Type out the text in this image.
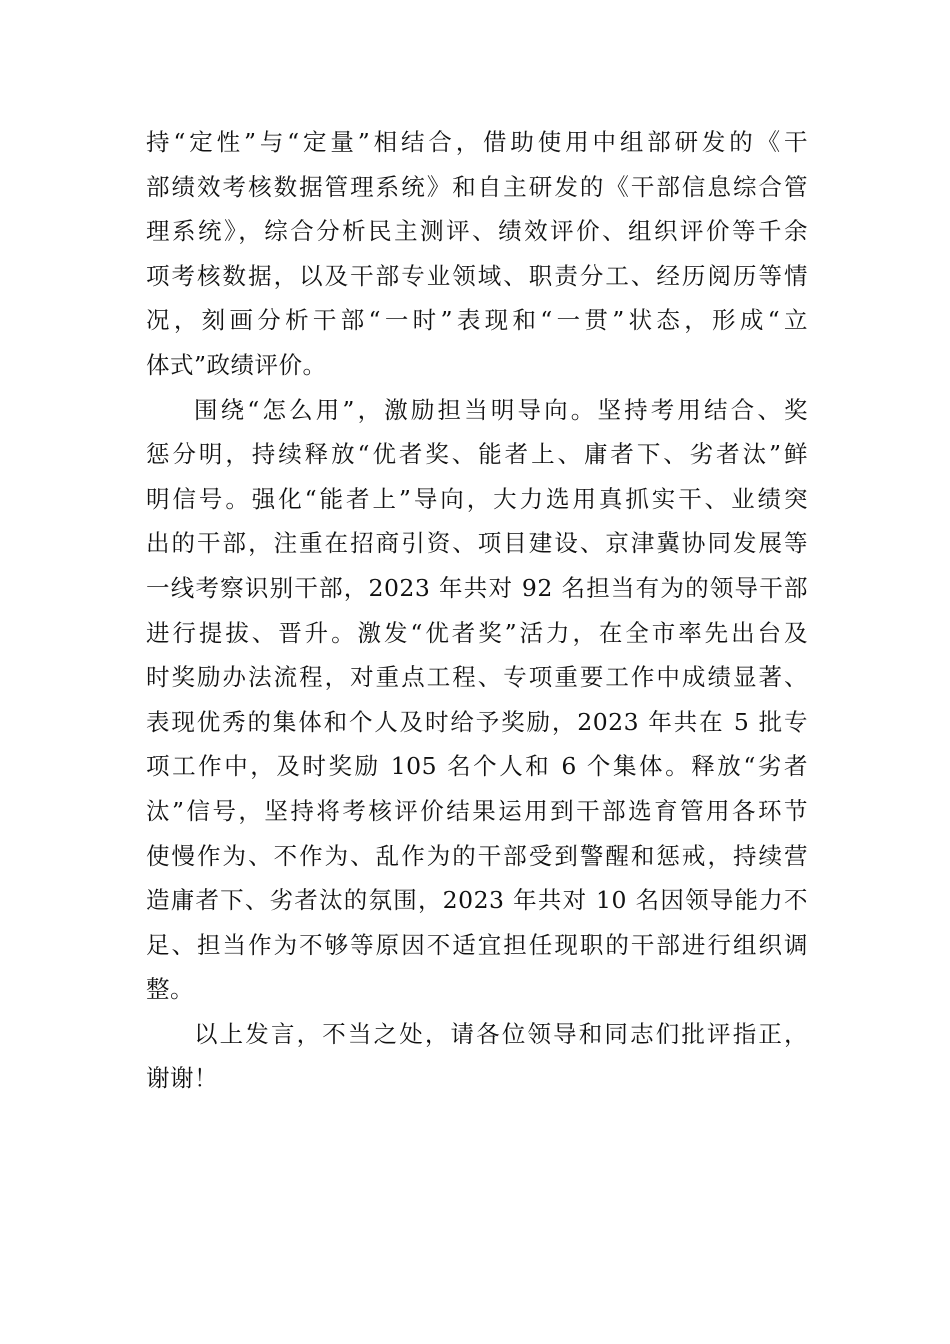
持“定性”与“定量”相结合，借助使用中组部研发的《干
部绩效考核数据管理系统》和自主研发的《干部信息综合管
理系统》，综合分析民主测评、绩效评价、组织评价等千余
项考核数据，以及干部专业领域、职责分工、经历阅历等情
况，刻画分析干部“一时”表现和“一贯”状态，形成“立
体式”政绩评价。
围绕“怎么用”，激励担当明导向。坚持考用结合、奖
惩分明，持续释放“优者奖、能者上、庸者下、劣者汰”鲜
明信号。强化“能者上”导向，大力选用真抓实干、业绩突
出的干部，注重在招商引资、项目建设、京津冀协同发展等
一线考察识别干部，2023 年共对 92 名担当有为的领导干部
进行提拔、晋升。激发“优者奖”活力，在全市率先出台及
时奖励办法流程，对重点工程、专项重要工作中成绩显著、
表现优秀的集体和个人及时给予奖励，2023 年共在 5 批专
项工作中，及时奖励 105 名个人和 6 个集体。释放“劣者
汰”信号，坚持将考核评价结果运用到干部选育管用各环节
使慢作为、不作为、乱作为的干部受到警醒和惩戒，持续营
造庸者下、劣者汰的氛围，2023 年共对 10 名因领导能力不
足、担当作为不够等原因不适宜担任现职的干部进行组织调
整。
以上发言，不当之处，请各位领导和同志们批评指正，
谢谢！
